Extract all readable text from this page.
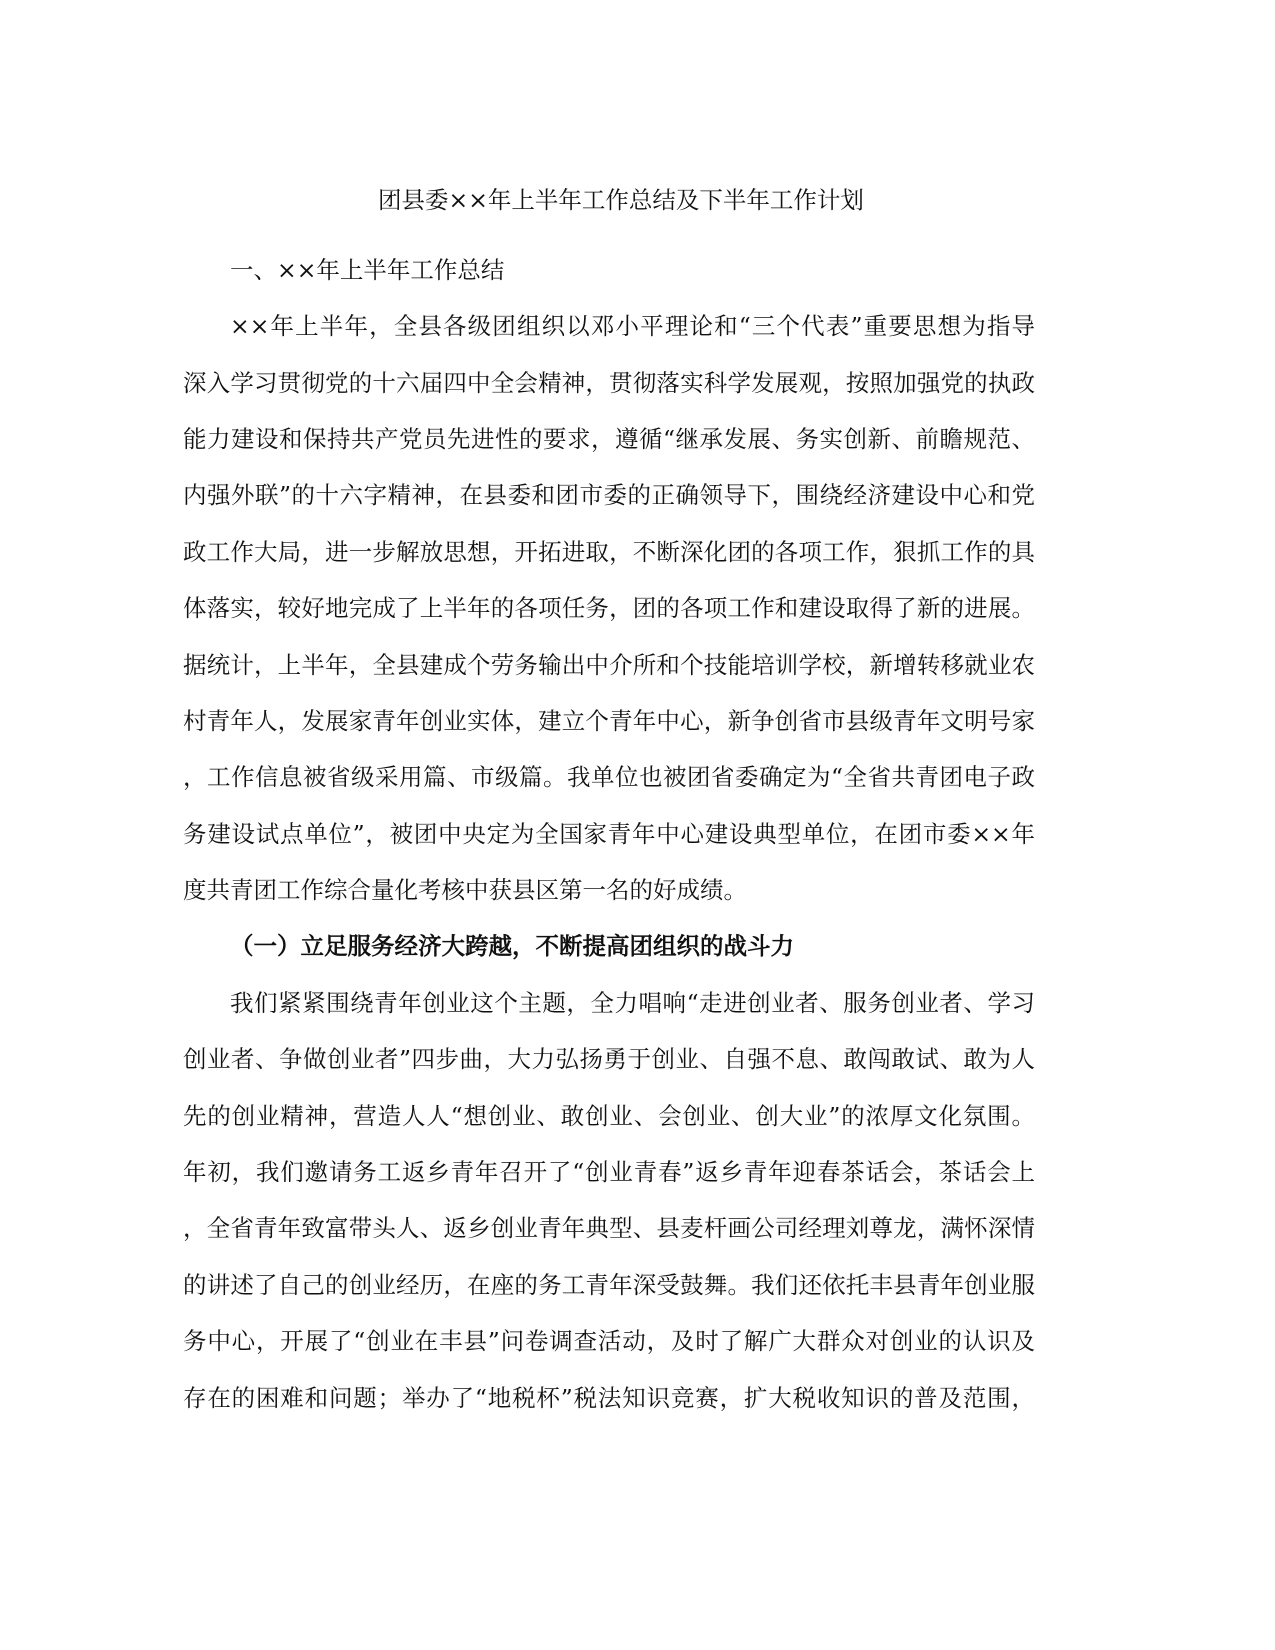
团县委××年上半年工作总结及下半年工作计划
一、××年上半年工作总结
××年上半年，全县各级团组织以邓小平理论和“三个代表”重要思想为指导
深入学习贯彻党的十六届四中全会精神，贯彻落实科学发展观，按照加强党的执政
能力建设和保持共产党员先进性的要求，遵循“继承发展、务实创新、前瞻规范、
内强外联”的十六字精神，在县委和团市委的正确领导下，围绕经济建设中心和党
政工作大局，进一步解放思想，开拓进取，不断深化团的各项工作，狠抓工作的具
体落实，较好地完成了上半年的各项任务，团的各项工作和建设取得了新的进展。
据统计，上半年，全县建成个劳务输出中介所和个技能培训学校，新增转移就业农
村青年人，发展家青年创业实体，建立个青年中心，新争创省市县级青年文明号家
，工作信息被省级采用篇、市级篇。我单位也被团省委确定为“全省共青团电子政
务建设试点单位”，被团中央定为全国家青年中心建设典型单位，在团市委××年
度共青团工作综合量化考核中获县区第一名的好成绩。
（一）立足服务经济大跨越，不断提高团组织的战斗力
我们紧紧围绕青年创业这个主题，全力唱响“走进创业者、服务创业者、学习
创业者、争做创业者”四步曲，大力弘扬勇于创业、自强不息、敢闯敢试、敢为人
先的创业精神，营造人人“想创业、敢创业、会创业、创大业”的浓厚文化氛围。
年初，我们邀请务工返乡青年召开了“创业青春”返乡青年迎春茶话会，茶话会上
，全省青年致富带头人、返乡创业青年典型、县麦杆画公司经理刘尊龙，满怀深情
的讲述了自己的创业经历，在座的务工青年深受鼓舞。我们还依托丰县青年创业服
务中心，开展了“创业在丰县”问卷调查活动，及时了解广大群众对创业的认识及
存在的困难和问题；举办了“地税杯”税法知识竞赛，扩大税收知识的普及范围，
